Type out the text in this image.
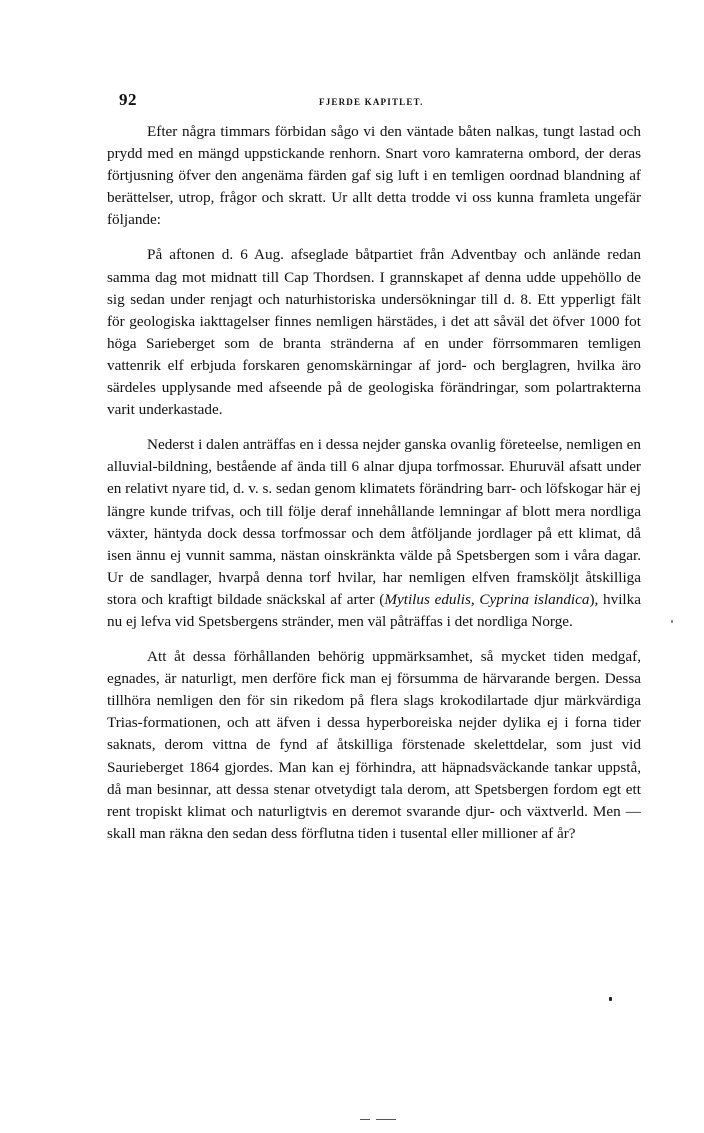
92	FJERDE KAPITLET.

Efter några timmars förbidan sågo vi den väntade båten nalkas, tungt lastad och prydd med en mängd uppstickande renhorn. Snart voro kamraterna ombord, der deras förtjusning öfver den angenäma färden gaf sig luft i en temligen oordnad blandning af berättelser, utrop, frågor och skratt. Ur allt detta trodde vi oss kunna framleta ungefär följande:

På aftonen d. 6 Aug. afseglade båtpartiet från Adventbay och anlände redan samma dag mot midnatt till Cap Thordsen. I grannskapet af denna udde uppehöllo de sig sedan under renjagt och naturhistoriska undersökningar till d. 8. Ett ypperligt fält för geologiska iakttagelser finnes nemligen härstädes, i det att såväl det öfver 1000 fot höga Sarieberget som de branta stränderna af en under förrsommaren temligen vattenrik elf erbjuda forskaren genomskärningar af jord- och berglagren, hvilka äro särdeles upplysande med afseende på de geologiska förändringar, som polartrakterna varit underkastade.

Nederst i dalen anträffas en i dessa nejder ganska ovanlig företeelse, nemligen en alluvial-bildning, bestående af ända till 6 alnar djupa torfmossar. Ehuruväl afsatt under en relativt nyare tid, d. v. s. sedan genom klimatets förändring barr- och löfskogar här ej längre kunde trifvas, och till följe deraf innehållande lemningar af blott mera nordliga växter, häntyda dock dessa torfmossar och dem åtföljande jordlager på ett klimat, då isen ännu ej vunnit samma, nästan oinskränkta välde på Spetsbergen som i våra dagar. Ur de sandlager, hvarpå denna torf hvilar, har nemligen elfven framsköljt åtskilliga stora och kraftigt bildade snäckskal af arter (Mytilus edulis, Cyprina islandica), hvilka nu ej lefva vid Spetsbergens stränder, men väl påträffas i det nordliga Norge.

Att åt dessa förhållanden behörig uppmärksamhet, så mycket tiden medgaf, egnades, är naturligt, men derföre fick man ej försumma de härvarande bergen. Dessa tillhöra nemligen den för sin rikedom på flera slags krokodilartade djur märkvärdiga Trias-formationen, och att äfven i dessa hyperboreiska nejder dylika ej i forna tider saknats, derom vittna de fynd af åtskilliga förstenade skelettdelar, som just vid Saurieberget 1864 gjordes. Man kan ej förhindra, att häpnadsväckande tankar uppstå, då man besinnar, att dessa stenar otvetydigt tala derom, att Spetsbergen fordom egt ett rent tropiskt klimat och naturligtvis en deremot svarande djur- och växtverld. Men — skall man räkna den sedan dess förflutna tiden i tusental eller millioner af år?
